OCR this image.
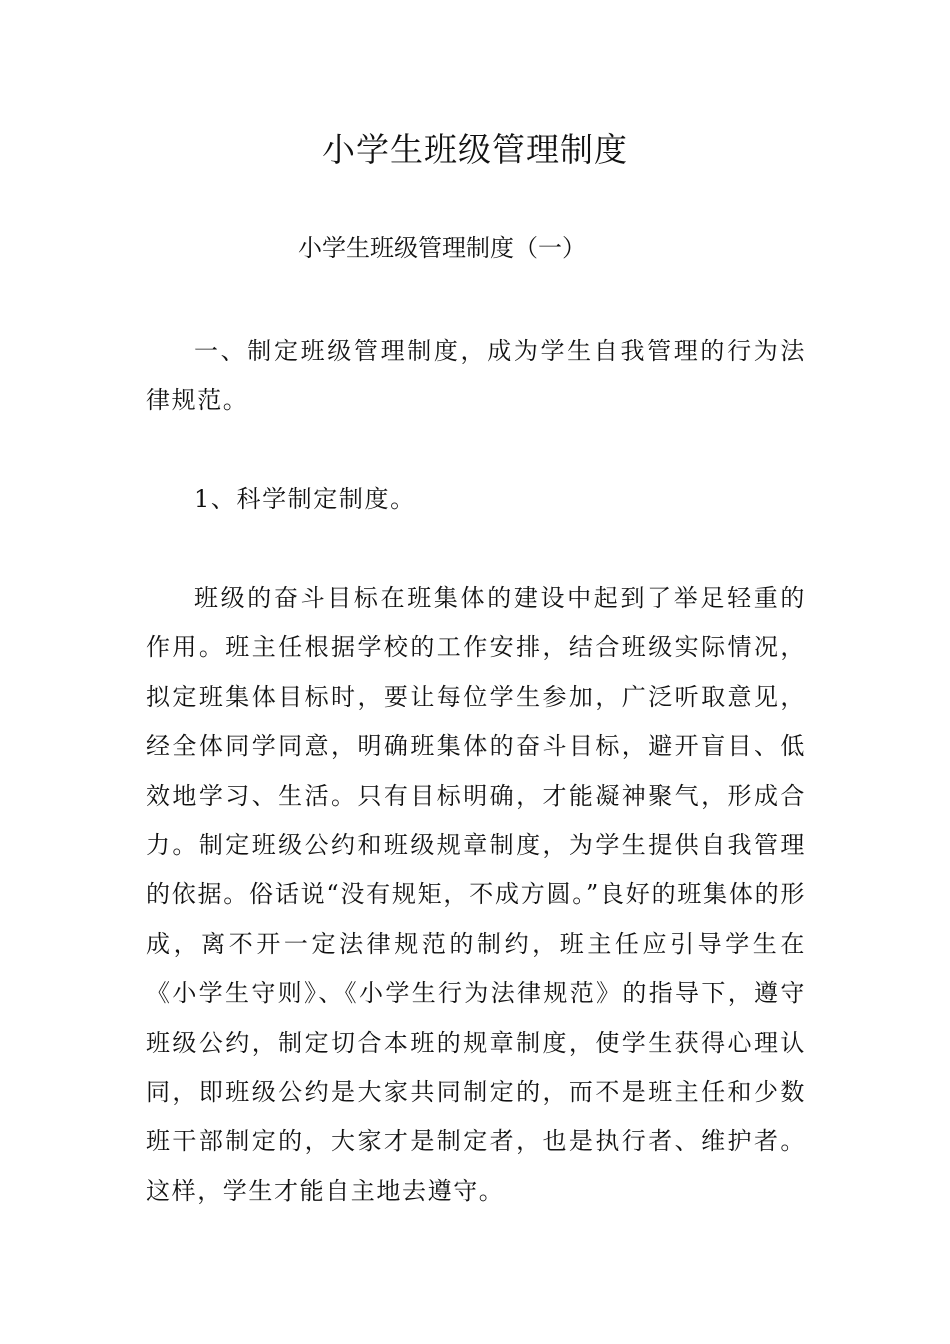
小学生班级管理制度

小学生班级管理制度（一）

一、制定班级管理制度，成为学生自我管理的行为法律规范。

1、科学制定制度。

班级的奋斗目标在班集体的建设中起到了举足轻重的作用。班主任根据学校的工作安排，结合班级实际情况，拟定班集体目标时，要让每位学生参加，广泛听取意见，经全体同学同意，明确班集体的奋斗目标，避开盲目、低效地学习、生活。只有目标明确，才能凝神聚气，形成合力。制定班级公约和班级规章制度，为学生提供自我管理的依据。俗话说“没有规矩，不成方圆。”良好的班集体的形成，离不开一定法律规范的制约，班主任应引导学生在《小学生守则》、《小学生行为法律规范》的指导下，遵守班级公约，制定切合本班的规章制度，使学生获得心理认同，即班级公约是大家共同制定的，而不是班主任和少数班干部制定的，大家才是制定者，也是执行者、维护者。这样，学生才能自主地去遵守。
